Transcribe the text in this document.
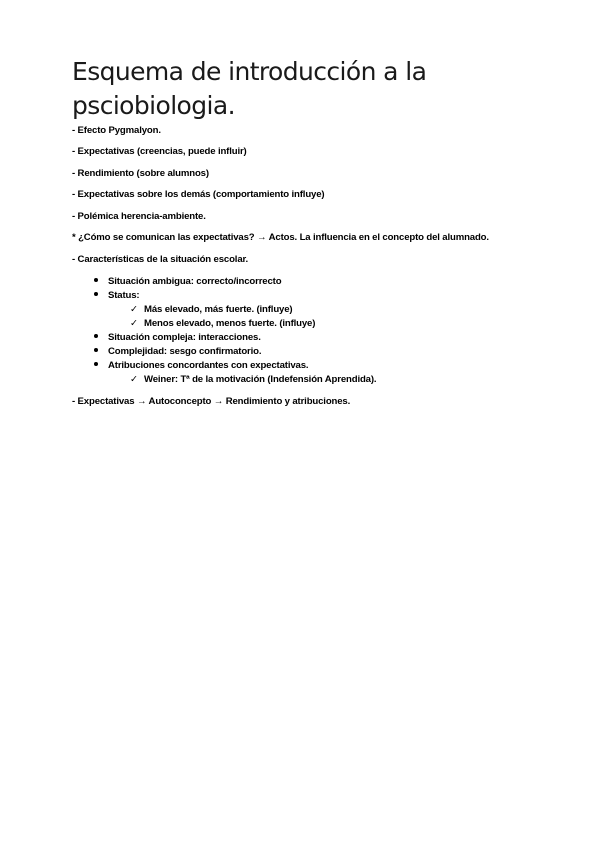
Esquema de introducción a la psciobiologia.
- Efecto Pygmalyon.
- Expectativas (creencias, puede influir)
- Rendimiento (sobre alumnos)
- Expectativas sobre los demás (comportamiento influye)
- Polémica herencia-ambiente.
* ¿Cómo se comunican las expectativas? → Actos. La influencia en el concepto del alumnado.
- Características de la situación escolar.
Situación ambigua: correcto/incorrecto
Status:
✓ Más elevado, más fuerte. (influye)
✓ Menos elevado, menos fuerte. (influye)
Situación compleja: interacciones.
Complejidad: sesgo confirmatorio.
Atribuciones concordantes con expectativas.
✓ Weiner: Tª de la motivación (Indefensión Aprendida).
- Expectativas → Autoconcepto → Rendimiento y atribuciones.
